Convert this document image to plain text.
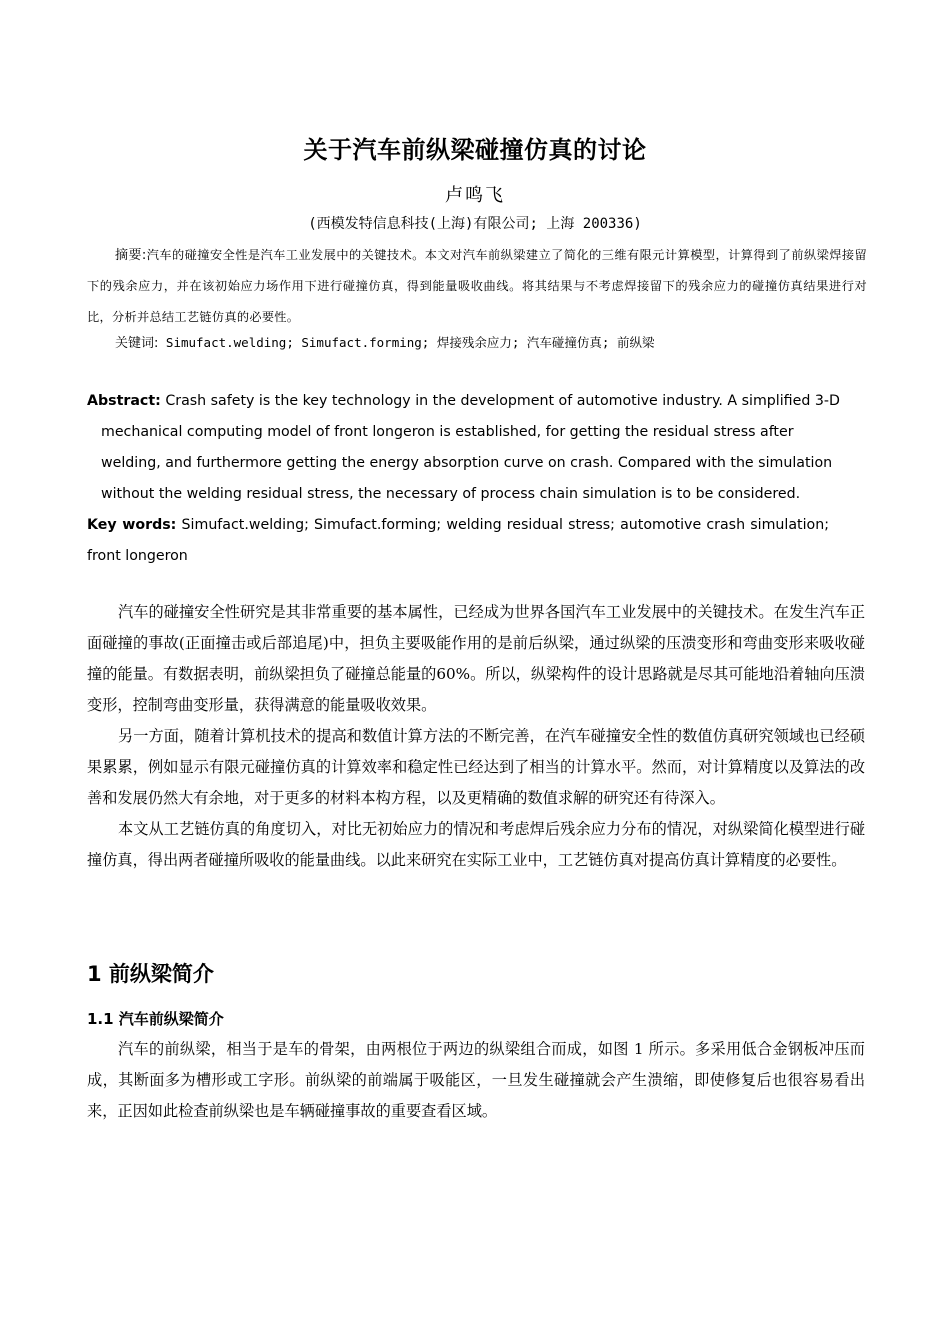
关于汽车前纵梁碰撞仿真的讨论
卢鸣飞
(西模发特信息科技(上海)有限公司; 上海 200336)
摘要:汽车的碰撞安全性是汽车工业发展中的关键技术。本文对汽车前纵梁建立了简化的三维有限元计算模型，计算得到了前纵梁焊接留下的残余应力，并在该初始应力场作用下进行碰撞仿真，得到能量吸收曲线。将其结果与不考虑焊接留下的残余应力的碰撞仿真结果进行对比，分析并总结工艺链仿真的必要性。
关键词: Simufact.welding; Simufact.forming; 焊接残余应力; 汽车碰撞仿真; 前纵梁
Abstract: Crash safety is the key technology in the development of automotive industry. A simplified 3-D
mechanical computing model of front longeron is established, for getting the residual stress after
welding, and furthermore getting the energy absorption curve on crash. Compared with the simulation
without the welding residual stress, the necessary of process chain simulation is to be considered.
Key words: Simufact.welding; Simufact.forming; welding residual stress; automotive crash simulation; front longeron

汽车的碰撞安全性研究是其非常重要的基本属性，已经成为世界各国汽车工业发展中的关键技术。在发生汽车正面碰撞的事故(正面撞击或后部追尾)中，担负主要吸能作用的是前后纵梁，通过纵梁的压溃变形和弯曲变形来吸收碰撞的能量。有数据表明，前纵梁担负了碰撞总能量的60%。所以，纵梁构件的设计思路就是尽其可能地沿着轴向压溃变形，控制弯曲变形量，获得满意的能量吸收效果。

另一方面，随着计算机技术的提高和数值计算方法的不断完善，在汽车碰撞安全性的数值仿真研究领域也已经硕果累累，例如显示有限元碰撞仿真的计算效率和稳定性已经达到了相当的计算水平。然而，对计算精度以及算法的改善和发展仍然大有余地，对于更多的材料本构方程，以及更精确的数值求解的研究还有待深入。

本文从工艺链仿真的角度切入，对比无初始应力的情况和考虑焊后残余应力分布的情况，对纵梁简化模型进行碰撞仿真，得出两者碰撞所吸收的能量曲线。以此来研究在实际工业中，工艺链仿真对提高仿真计算精度的必要性。

1 前纵梁简介
1.1 汽车前纵梁简介

汽车的前纵梁，相当于是车的骨架，由两根位于两边的纵梁组合而成，如图 1 所示。多采用低合金钢板冲压而成，其断面多为槽形或工字形。前纵梁的前端属于吸能区，一旦发生碰撞就会产生溃缩，即使修复后也很容易看出来，正因如此检查前纵梁也是车辆碰撞事故的重要查看区域。
